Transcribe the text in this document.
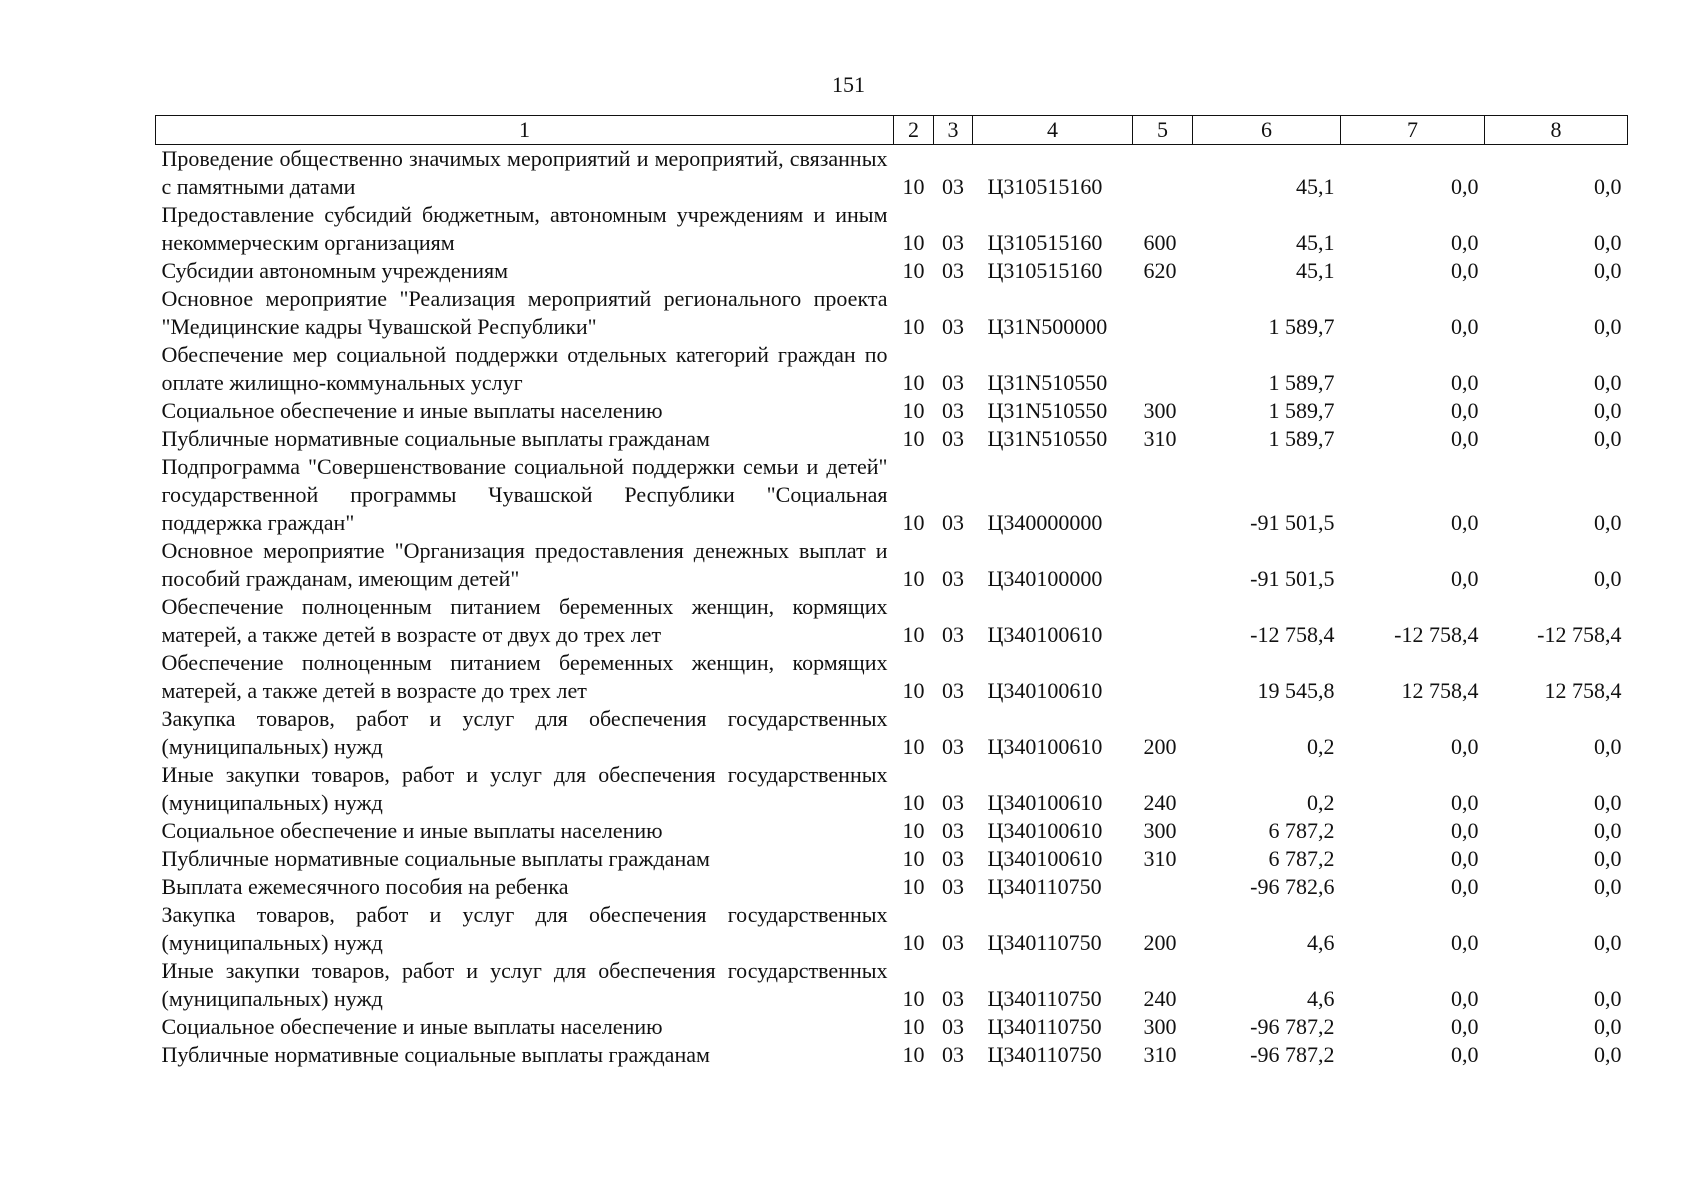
151
1	2	3	4	5	6	7	8

Проведение общественно значимых мероприятий и мероприятий, связанных с памятными датами	10	03	Ц310515160		45,1	0,0	0,0

Предоставление субсидий бюджетным, автономным учреждениям и иным некоммерческим организациям	10	03	Ц310515160	600	45,1	0,0	0,0

Субсидии автономным учреждениям	10	03	Ц310515160	620	45,1	0,0	0,0

Основное мероприятие "Реализация мероприятий регионального проекта "Медицинские кадры Чувашской Республики"	10	03	Ц31N500000		1 589,7	0,0	0,0

Обеспечение мер социальной поддержки отдельных категорий граждан по оплате жилищно-коммунальных услуг	10	03	Ц31N510550		1 589,7	0,0	0,0

Социальное обеспечение и иные выплаты населению	10	03	Ц31N510550	300	1 589,7	0,0	0,0

Публичные нормативные социальные выплаты гражданам	10	03	Ц31N510550	310	1 589,7	0,0	0,0

Подпрограмма "Совершенствование социальной поддержки семьи и детей" государственной программы Чувашской Республики "Социальная поддержка граждан"	10	03	Ц340000000		-91 501,5	0,0	0,0

Основное мероприятие "Организация предоставления денежных выплат и пособий гражданам, имеющим детей"	10	03	Ц340100000		-91 501,5	0,0	0,0

Обеспечение полноценным питанием беременных женщин, кормящих матерей, а также детей в возрасте от двух до трех лет	10	03	Ц340100610		-12 758,4	-12 758,4	-12 758,4

Обеспечение полноценным питанием беременных женщин, кормящих матерей, а также детей в возрасте до трех лет	10	03	Ц340100610		19 545,8	12 758,4	12 758,4

Закупка товаров, работ и услуг для обеспечения государственных (муниципальных) нужд	10	03	Ц340100610	200	0,2	0,0	0,0

Иные закупки товаров, работ и услуг для обеспечения государственных (муниципальных) нужд	10	03	Ц340100610	240	0,2	0,0	0,0

Социальное обеспечение и иные выплаты населению	10	03	Ц340100610	300	6 787,2	0,0	0,0

Публичные нормативные социальные выплаты гражданам	10	03	Ц340100610	310	6 787,2	0,0	0,0

Выплата ежемесячного пособия на ребенка	10	03	Ц340110750		-96 782,6	0,0	0,0

Закупка товаров, работ и услуг для обеспечения государственных (муниципальных) нужд	10	03	Ц340110750	200	4,6	0,0	0,0

Иные закупки товаров, работ и услуг для обеспечения государственных (муниципальных) нужд	10	03	Ц340110750	240	4,6	0,0	0,0

Социальное обеспечение и иные выплаты населению	10	03	Ц340110750	300	-96 787,2	0,0	0,0

Публичные нормативные социальные выплаты гражданам	10	03	Ц340110750	310	-96 787,2	0,0	0,0
